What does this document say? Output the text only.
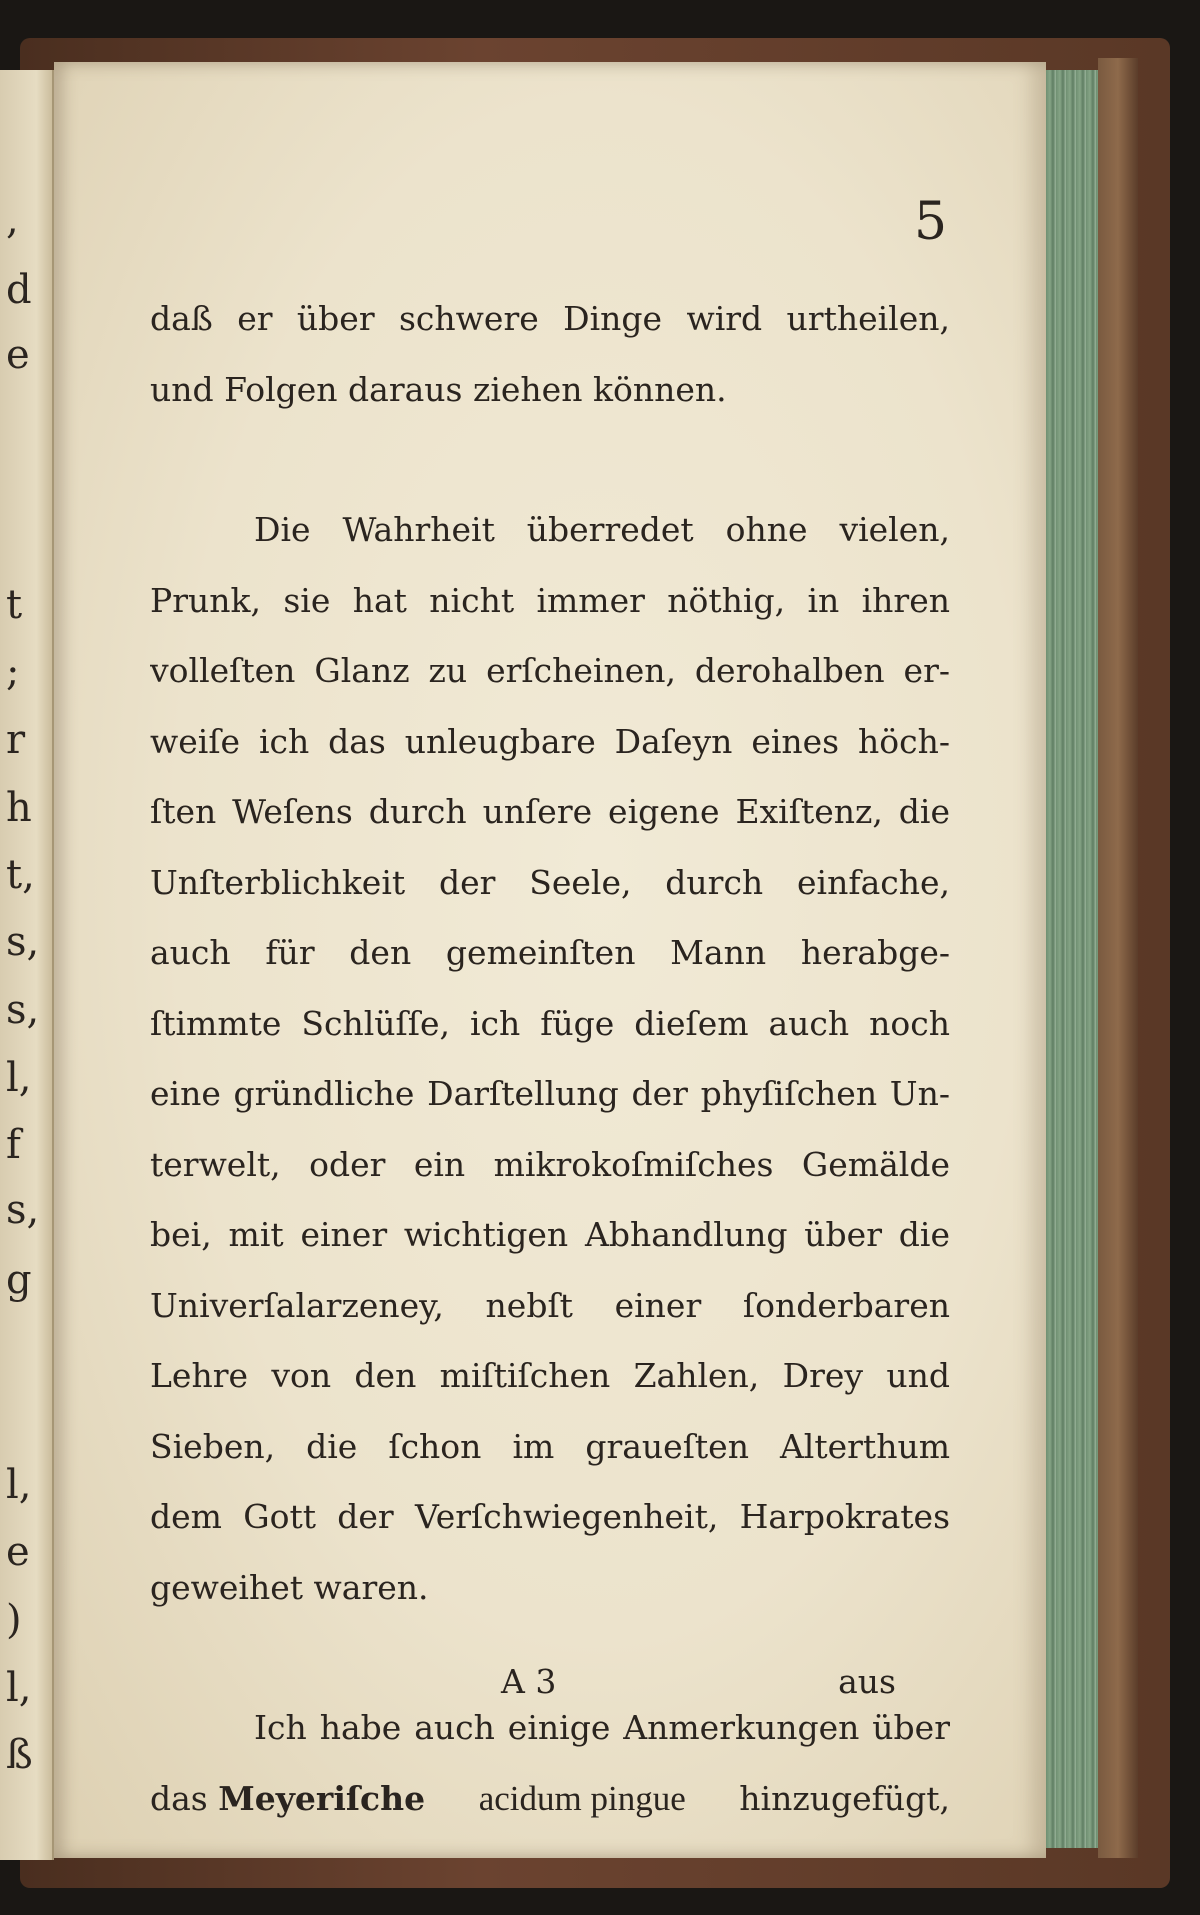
,
d
e
t
;
r
h
t,
s,
s,
l,
f
s,
g
l,
e
)
l,
ß
5
daß er über schwere Dinge wird urtheilen,
und Folgen daraus ziehen können.
Die Wahrheit überredet ohne vielen,
Prunk, sie hat nicht immer nöthig, in ihren
volleſten Glanz zu erſcheinen, derohalben er-
weiſe ich das unleugbare Daſeyn eines höch-
ſten Weſens durch unſere eigene Exiſtenz, die
Unſterblichkeit der Seele, durch einfache,
auch für den gemeinſten Mann herabge-
ſtimmte Schlüſſe, ich füge dieſem auch noch
eine gründliche Darſtellung der phyſiſchen Un-
terwelt, oder ein mikrokoſmiſches Gemälde
bei, mit einer wichtigen Abhandlung über die
Univerſalarzeney, nebſt einer ſonderbaren
Lehre von den miſtiſchen Zahlen, Drey und
Sieben, die ſchon im graueſten Alterthum
dem Gott der Verſchwiegenheit, Harpokrates
geweihet waren.
Ich habe auch einige Anmerkungen über
das Meyeriſche acidum pingue hinzugefügt,
A 3	aus
